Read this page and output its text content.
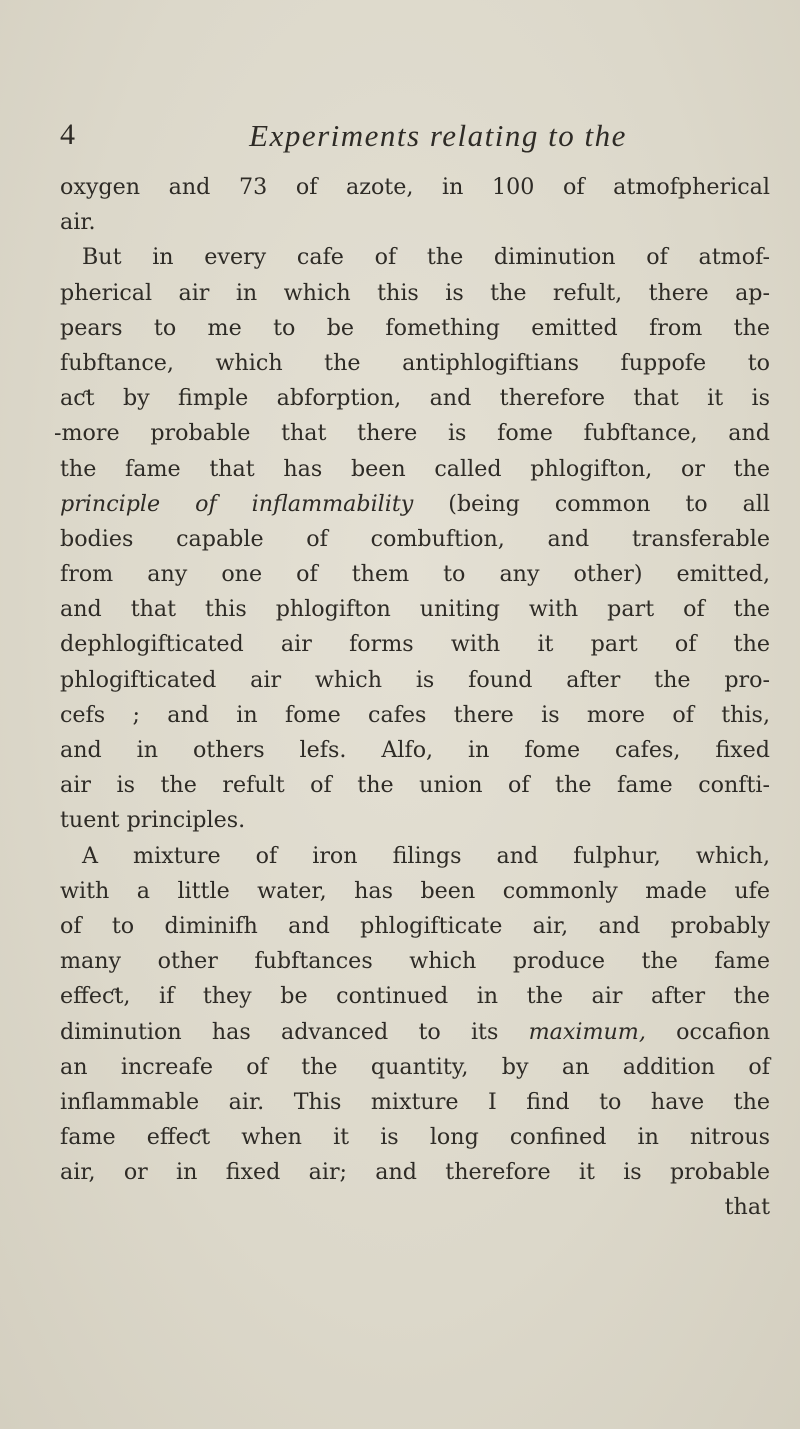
4	Experiments relating to the
oxygen and 73 of azote, in 100 of atmofpherical
air.
But in every cafe of the diminution of atmof-
pherical air in which this is the refult, there ap-
pears to me to be fomething emitted from the
fubftance, which the antiphlogiftians fuppofe to
aƈt by fimple abforption, and therefore that it is
-more probable that there is fome fubftance, and
the fame that has been called phlogifton, or the
principle of inflammability (being common to all
bodies capable of combuftion, and transferable
from any one of them to any other) emitted,
and that this phlogifton uniting with part of the
dephlogifticated air forms with it part of the
phlogifticated air which is found after the pro-
cefs ; and in fome cafes there is more of this,
and in others lefs. Alfo, in fome cafes, fixed
air is the refult of the union of the fame confti-
tuent principles.
A mixture of iron filings and fulphur, which,
with a little water, has been commonly made ufe
of to diminifh and phlogifticate air, and probably
many other fubftances which produce the fame
effeƈt, if they be continued in the air after the
diminution has advanced to its maximum, occafion
an increafe of the quantity, by an addition of
inflammable air. This mixture I find to have the
fame effeƈt when it is long confined in nitrous
air, or in fixed air; and therefore it is probable
that
